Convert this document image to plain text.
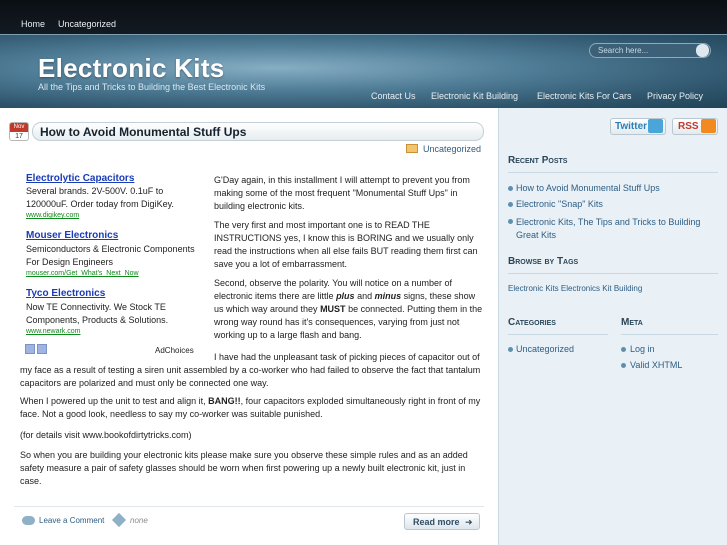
Home Uncategorized
Electronic Kits
All the Tips and Tricks to Building the Best Electronic Kits
Search here...
Contact Us Electronic Kit Building Electronic Kits For Cars Privacy Policy
Nov
17	How to Avoid Monumental Stuff Ups
Uncategorized
Electrolytic Capacitors
Several brands. 2V-500V. 0.1uF to 120000uF. Order today from DigiKey.
www.digikey.com
Mouser Electronics
Semiconductors & Electronic Components For Design Engineers
mouser.com/Get_What's_Next_Now
Tyco Electronics
Now TE Connectivity. We Stock TE Components, Products & Solutions.
www.newark.com
AdChoices
G'Day again, in this installment I will attempt to prevent you from making some of the most frequent "Monumental Stuff Ups" in building electronic kits.
The very first and most important one is to READ THE INSTRUCTIONS yes, I know this is BORING and we usually only read the instructions when all else fails BUT reading them first can save you a lot of embarrassment.
Second, observe the polarity. You will notice on a number of electronic items there are little plus and minus signs, these show us which way around they MUST be connected. Putting them in the wrong way round has it's consequences, varying from just not working up to a large flash and bang.
I have had the unpleasant task of picking pieces of capacitor out of my face as a result of testing a siren unit assembled by a co-worker who had failed to observe the fact that tantalum capacitors are polarized and must only be connected one way.
When I powered up the unit to test and align it, BANG!!, four capacitors exploded simultaneously right in front of my face. Not a good look, needless to say my co-worker was suitable punished.
(for details visit www.bookofdirtytricks.com)
So when you are building your electronic kits please make sure you observe these simple rules and as an added safety measure a pair of safety glasses should be worn when first powering up a newly built electronic kit, just in case.
Leave a Comment	none	Read more ➜
Twitter	RSS
Recent Posts
How to Avoid Monumental Stuff Ups
Electronic "Snap" Kits
Electronic Kits, The Tips and Tricks to Building Great Kits
Browse by Tags
Electronic Kits Electronics Kit Building
Categories
Uncategorized
Meta
Log in
Valid XHTML
